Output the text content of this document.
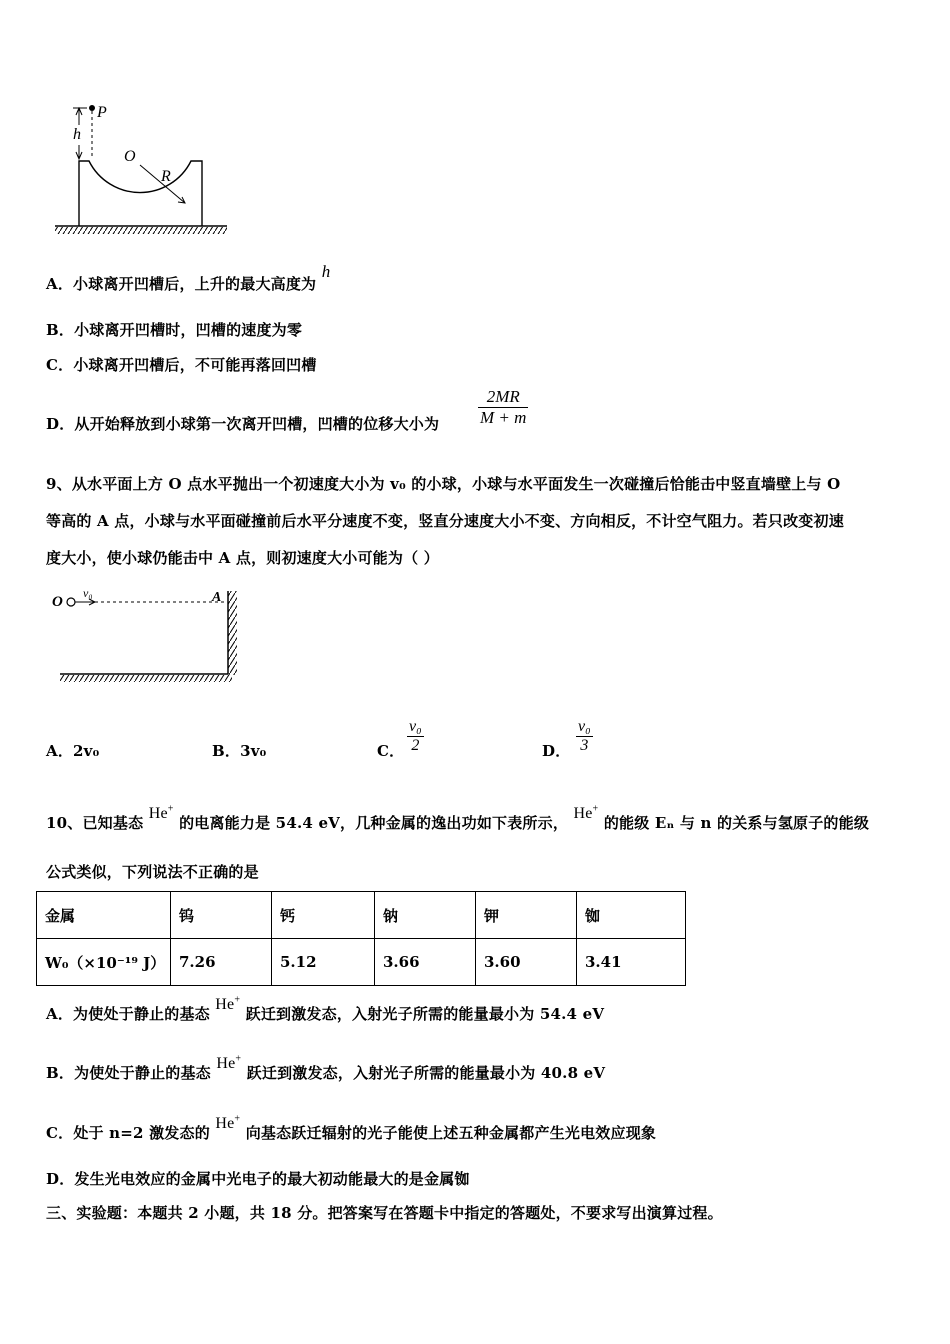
P
h
O
R
A．小球离开凹槽后，上升的最大高度为 h
B．小球离开凹槽时，凹槽的速度为零
C．小球离开凹槽后，不可能再落回凹槽
D．从开始释放到小球第一次离开凹槽，凹槽的位移大小为 $\frac{2MR}{M + m}$
9、从水平面上方 O 点水平抛出一个初速度大小为 v₀ 的小球，小球与水平面发生一次碰撞后恰能击中竖直墙壁上与 O
等高的 A 点，小球与水平面碰撞前后水平分速度不变，竖直分速度大小不变、方向相反，不计空气阻力。若只改变初速
度大小，使小球仍能击中 A 点，则初速度大小可能为（ ）
O
v₀	A
A．2v₀	B．3v₀	C． $\frac{\text{v₀}}{2}$	D． $\frac{\text{v₀}}{3}$
10、已知基态 He+ 的电离能力是 54.4 eV，几种金属的逸出功如下表所示， He+ 的能级 Eₙ 与 n 的关系与氢原子的能级
公式类似，下列说法不正确的是
金属	钨	钙	钠	钾	铷
W₀（×10⁻¹⁹ J）	7.26	5.12	3.66	3.60	3.41
A．为使处于静止的基态 He+ 跃迁到激发态，入射光子所需的能量最小为 54.4 eV
B．为使处于静止的基态 He+ 跃迁到激发态，入射光子所需的能量最小为 40.8 eV
C．处于 n=2 激发态的 He+ 向基态跃迁辐射的光子能使上述五种金属都产生光电效应现象
D．发生光电效应的金属中光电子的最大初动能最大的是金属铷
三、实验题：本题共 2 小题，共 18 分。把答案写在答题卡中指定的答题处，不要求写出演算过程。
